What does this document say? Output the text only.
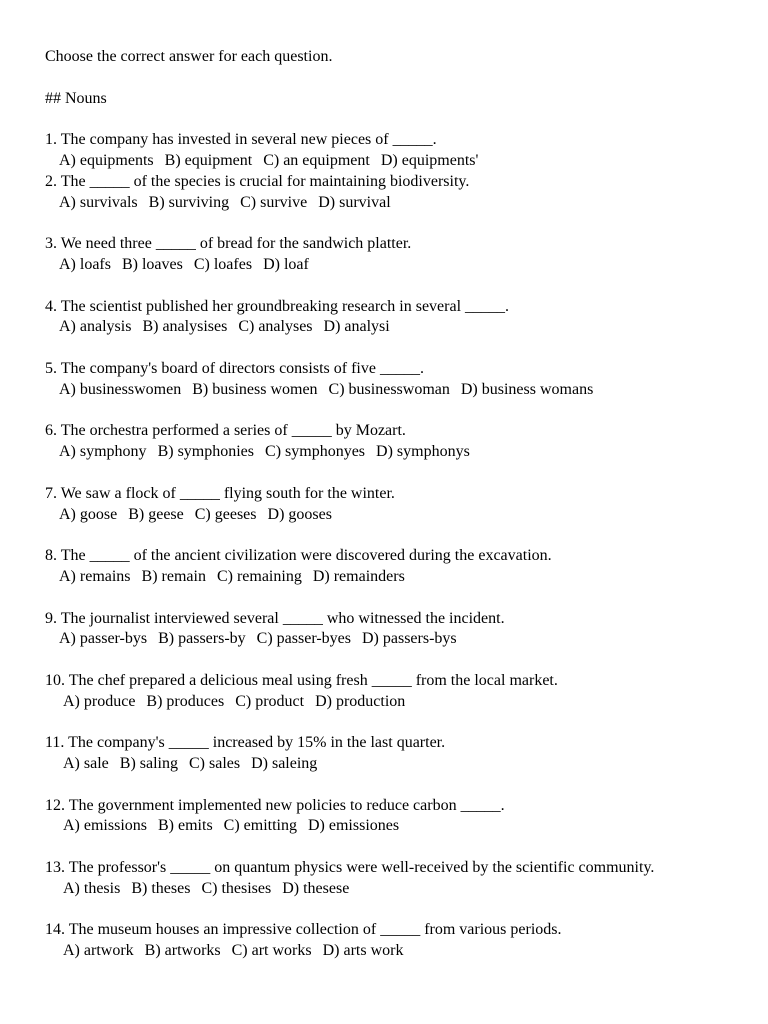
Choose the correct answer for each question.
## Nouns
1. The company has invested in several new pieces of _____.
A) equipments B) equipment C) an equipment D) equipments'
2. The _____ of the species is crucial for maintaining biodiversity.
A) survivals B) surviving C) survive D) survival
3. We need three _____ of bread for the sandwich platter.
A) loafs B) loaves C) loafes D) loaf
4. The scientist published her groundbreaking research in several _____.
A) analysis B) analysises C) analyses D) analysi
5. The company's board of directors consists of five _____.
A) businesswomen B) business women C) businesswoman D) business womans
6. The orchestra performed a series of _____ by Mozart.
A) symphony B) symphonies C) symphonyes D) symphonys
7. We saw a flock of _____ flying south for the winter.
A) goose B) geese C) geeses D) gooses
8. The _____ of the ancient civilization were discovered during the excavation.
A) remains B) remain C) remaining D) remainders
9. The journalist interviewed several _____ who witnessed the incident.
A) passer-bys B) passers-by C) passer-byes D) passers-bys
10. The chef prepared a delicious meal using fresh _____ from the local market.
A) produce B) produces C) product D) production
11. The company's _____ increased by 15% in the last quarter.
A) sale B) saling C) sales D) saleing
12. The government implemented new policies to reduce carbon _____.
A) emissions B) emits C) emitting D) emissiones
13. The professor's _____ on quantum physics were well-received by the scientific community.
A) thesis B) theses C) thesises D) thesese
14. The museum houses an impressive collection of _____ from various periods.
A) artwork B) artworks C) art works D) arts work
